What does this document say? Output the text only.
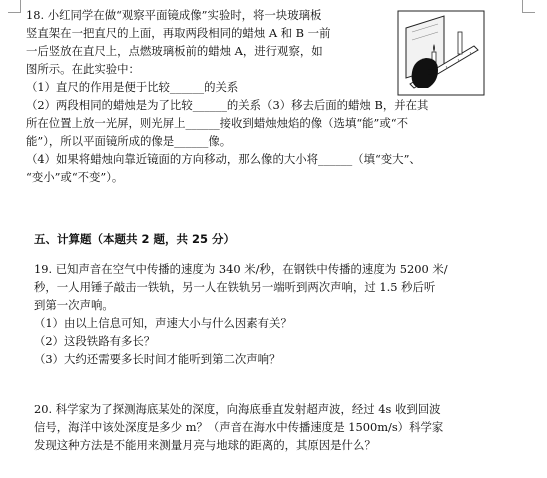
18. 小红同学在做“观察平面镜成像”实验时，将一块玻璃板
竖直架在一把直尺的上面，再取两段相同的蜡烛 A 和 B 一前
一后竖放在直尺上，点燃玻璃板前的蜡烛 A，进行观察，如
图所示。在此实验中：
（1）直尺的作用是便于比较______的关系
（2）两段相同的蜡烛是为了比较______的关系（3）移去后面的蜡烛 B，并在其
所在位置上放一光屏，则光屏上______接收到蜡烛烛焰的像（选填“能”或“不
能”），所以平面镜所成的像是______像。
（4）如果将蜡烛向靠近镜面的方向移动，那么像的大小将______（填“变大”、
“变小”或“不变”）。
五、计算题（本题共 2 题，共 25 分）
19. 已知声音在空气中传播的速度为 340 米/秒，在钢铁中传播的速度为 5200 米/
秒，一人用锤子敲击一铁轨，另一人在铁轨另一端听到两次声响，过 1.5 秒后听
到第一次声响。
（1）由以上信息可知，声速大小与什么因素有关？
（2）这段铁路有多长？
（3）大约还需要多长时间才能听到第二次声响？
20. 科学家为了探测海底某处的深度，向海底垂直发射超声波，经过 4s 收到回波
信号，海洋中该处深度是多少 m？（声音在海水中传播速度是 1500m/s）科学家
发现这种方法是不能用来测量月亮与地球的距离的，其原因是什么？
